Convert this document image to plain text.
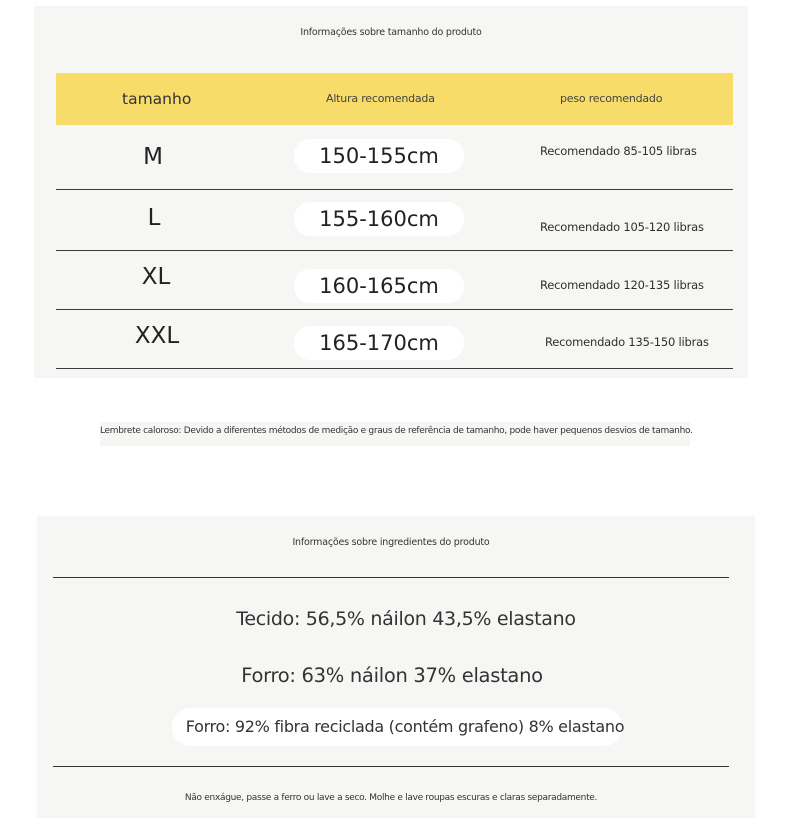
Informações sobre tamanho do produto
tamanho	Altura recomendada	peso recomendado
M	150-155cm	Recomendado 85-105 libras
L	155-160cm	Recomendado 105-120 libras
XL	160-165cm	Recomendado 120-135 libras
XXL	165-170cm	Recomendado 135-150 libras
Lembrete caloroso: Devido a diferentes métodos de medição e graus de referência de tamanho, pode haver pequenos desvios de tamanho.
Informações sobre ingredientes do produto
Tecido: 56,5% náilon 43,5% elastano
Forro: 63% náilon 37% elastano
Forro: 92% fibra reciclada (contém grafeno) 8% elastano
Não enxágue, passe a ferro ou lave a seco. Molhe e lave roupas escuras e claras separadamente.
